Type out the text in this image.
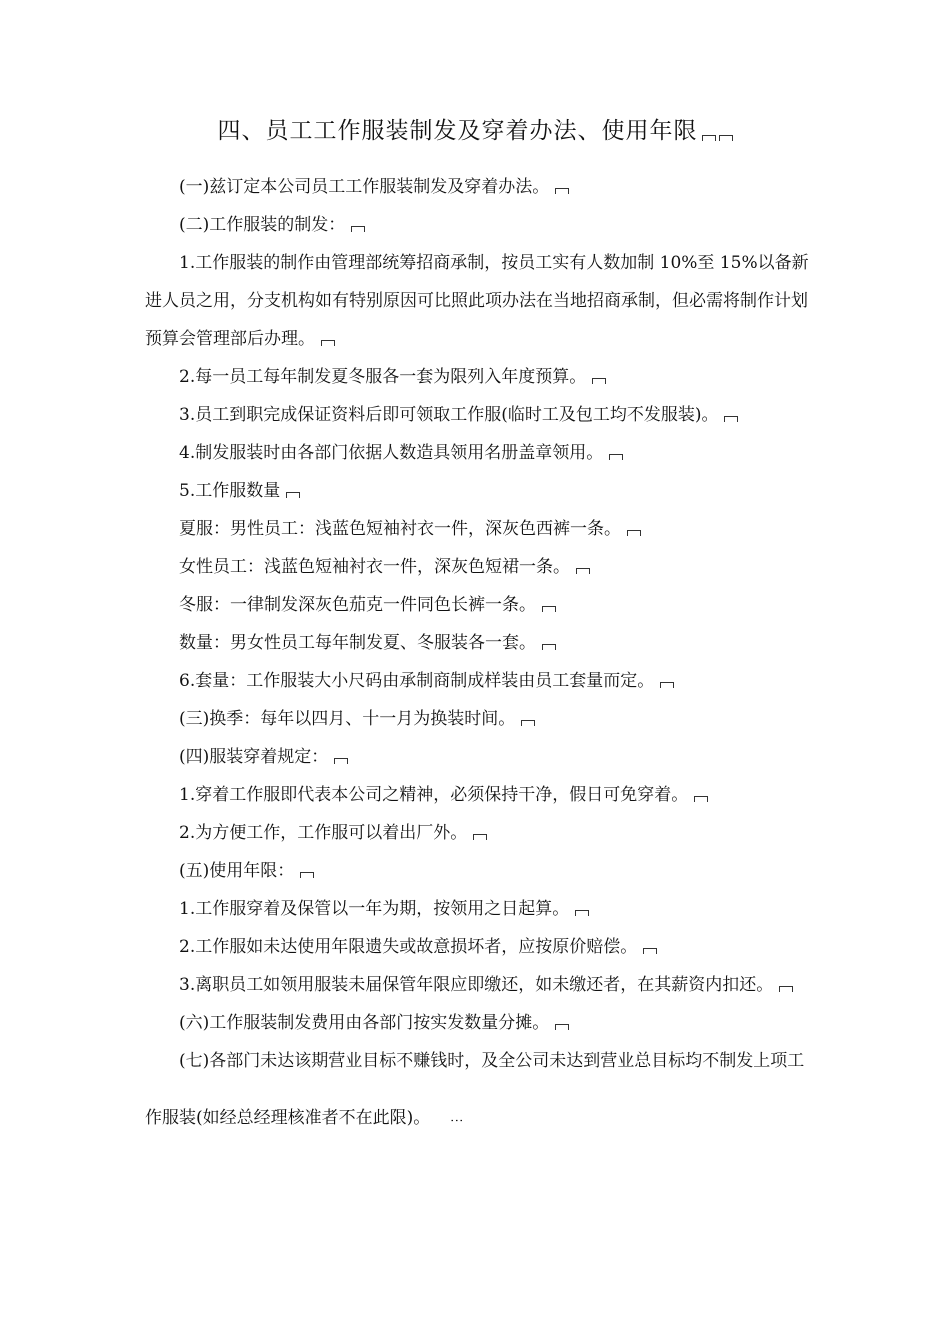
四、员工工作服装制发及穿着办法、使用年限

(一)兹订定本公司员工工作服装制发及穿着办法。

(二)工作服装的制发：

1.工作服装的制作由管理部统筹招商承制，按员工实有人数加制 10%至 15%以备新进人员之用，分支机构如有特别原因可比照此项办法在当地招商承制，但必需将制作计划预算会管理部后办理。

2.每一员工每年制发夏冬服各一套为限列入年度预算。

3.员工到职完成保证资料后即可领取工作服(临时工及包工均不发服装)。

4.制发服装时由各部门依据人数造具领用名册盖章领用。

5.工作服数量

夏服：男性员工：浅蓝色短袖衬衣一件，深灰色西裤一条。

女性员工：浅蓝色短袖衬衣一件，深灰色短裙一条。

冬服：一律制发深灰色茄克一件同色长裤一条。

数量：男女性员工每年制发夏、冬服装各一套。

6.套量：工作服装大小尺码由承制商制成样装由员工套量而定。

(三)换季：每年以四月、十一月为换装时间。

(四)服装穿着规定：

1.穿着工作服即代表本公司之精神，必须保持干净，假日可免穿着。

2.为方便工作，工作服可以着出厂外。

(五)使用年限：

1.工作服穿着及保管以一年为期，按领用之日起算。

2.工作服如未达使用年限遗失或故意损坏者，应按原价赔偿。

3.离职员工如领用服装未届保管年限应即缴还，如未缴还者，在其薪资内扣还。

(六)工作服装制发费用由各部门按实发数量分摊。

(七)各部门未达该期营业目标不赚钱时，及全公司未达到营业总目标均不制发上项工作服装(如经总经理核准者不在此限)。 ⋮
